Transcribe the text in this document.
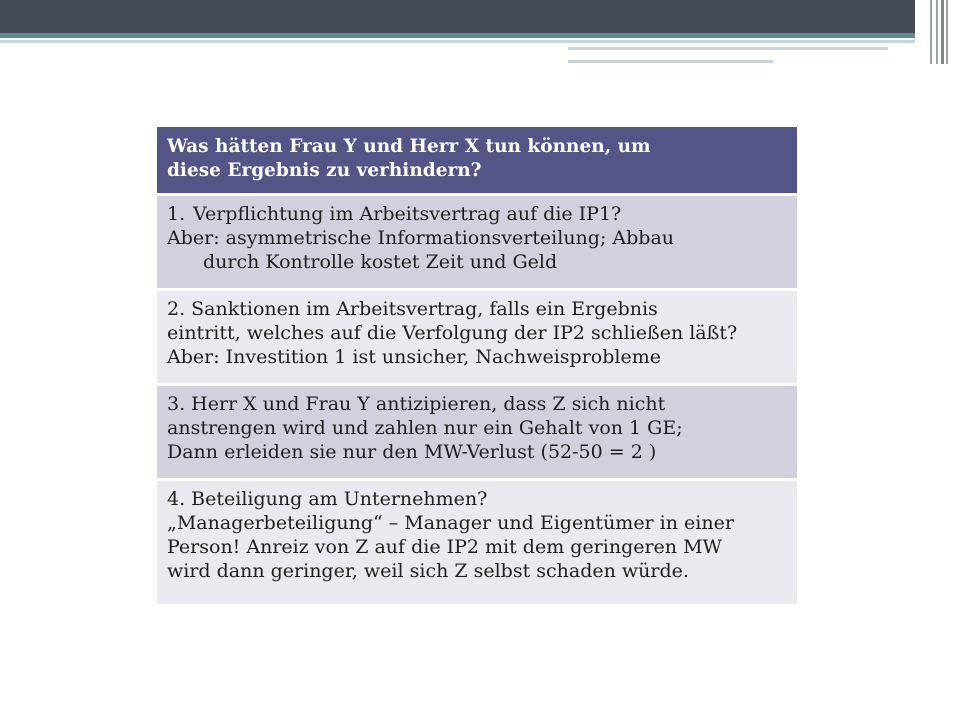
Was hätten Frau Y und Herr X tun können, um
diese Ergebnis zu verhindern?
1. Verpflichtung im Arbeitsvertrag auf die IP1?
Aber: asymmetrische Informationsverteilung; Abbau
durch Kontrolle kostet Zeit und Geld
2. Sanktionen im Arbeitsvertrag, falls ein Ergebnis
eintritt, welches auf die Verfolgung der IP2 schließen läßt?
Aber: Investition 1 ist unsicher, Nachweisprobleme
3. Herr X und Frau Y antizipieren, dass Z sich nicht
anstrengen wird und zahlen nur ein Gehalt von 1 GE;
Dann erleiden sie nur den MW-Verlust (52-50 = 2 )
4. Beteiligung am Unternehmen?
„Managerbeteiligung“ – Manager und Eigentümer in einer
Person! Anreiz von Z auf die IP2 mit dem geringeren MW
wird dann geringer, weil sich Z selbst schaden würde.
